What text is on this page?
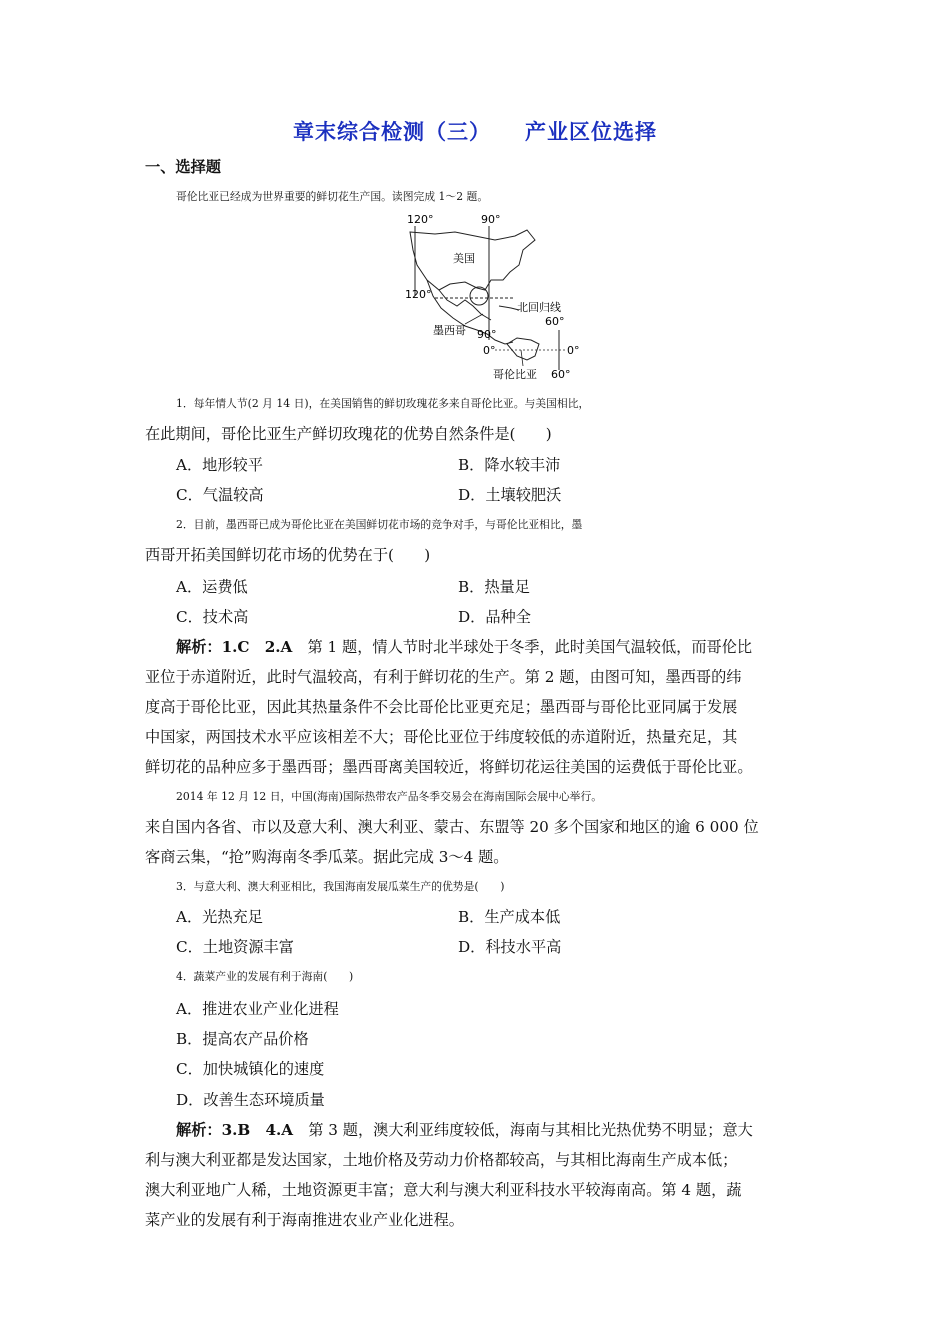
章末综合检测（三） 产业区位选择
一、选择题
哥伦比亚已经成为世界重要的鲜切花生产国。读图完成 1～2 题。
120°	90°
美国
120°
北回归线
墨西哥
60°
90°
0°	0°
哥伦比亚 60°
1．每年情人节(2 月 14 日)，在美国销售的鲜切玫瑰花多来自哥伦比亚。与美国相比，
在此期间，哥伦比亚生产鲜切玫瑰花的优势自然条件是(　　)
A．地形较平	B．降水较丰沛
C．气温较高	D．土壤较肥沃
2．目前，墨西哥已成为哥伦比亚在美国鲜切花市场的竞争对手，与哥伦比亚相比，墨
西哥开拓美国鲜切花市场的优势在于(　　)
A．运费低	B．热量足
C．技术高	D．品种全
解析：1.C　2.A　第 1 题，情人节时北半球处于冬季，此时美国气温较低，而哥伦比
亚位于赤道附近，此时气温较高，有利于鲜切花的生产。第 2 题，由图可知，墨西哥的纬
度高于哥伦比亚，因此其热量条件不会比哥伦比亚更充足；墨西哥与哥伦比亚同属于发展
中国家，两国技术水平应该相差不大；哥伦比亚位于纬度较低的赤道附近，热量充足，其
鲜切花的品种应多于墨西哥；墨西哥离美国较近，将鲜切花运往美国的运费低于哥伦比亚。
2014 年 12 月 12 日，中国(海南)国际热带农产品冬季交易会在海南国际会展中心举行。
来自国内各省、市以及意大利、澳大利亚、蒙古、东盟等 20 多个国家和地区的逾 6 000 位
客商云集，“抢”购海南冬季瓜菜。据此完成 3～4 题。
3．与意大利、澳大利亚相比，我国海南发展瓜菜生产的优势是(　　)
A．光热充足	B．生产成本低
C．土地资源丰富	D．科技水平高
4．蔬菜产业的发展有利于海南(　　)
A．推进农业产业化进程
B．提高农产品价格
C．加快城镇化的速度
D．改善生态环境质量
解析：3.B　4.A　第 3 题，澳大利亚纬度较低，海南与其相比光热优势不明显；意大
利与澳大利亚都是发达国家，土地价格及劳动力价格都较高，与其相比海南生产成本低；
澳大利亚地广人稀，土地资源更丰富；意大利与澳大利亚科技水平较海南高。第 4 题，蔬
菜产业的发展有利于海南推进农业产业化进程。
